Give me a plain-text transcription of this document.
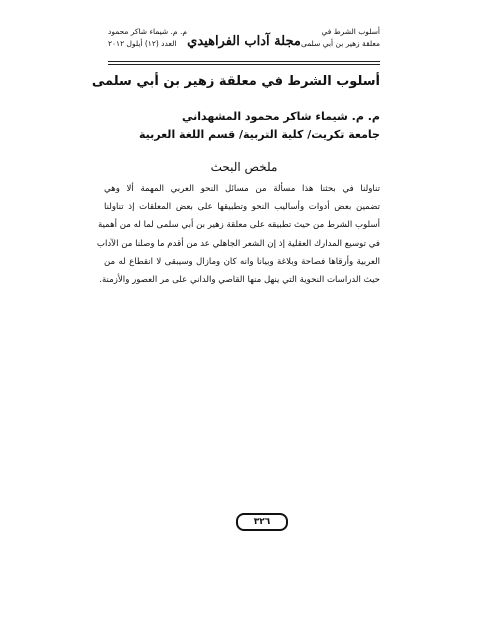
أسلوب الشرط في
معلقة زهير بن أبي سلمى
مجلة آداب الفراهيدي
م. م. شيماء شاكر محمود
العدد (١٢) أيلول ٢٠١٢
أسلوب الشرط في معلقة زهير بن أبي سلمى
م. م. شيماء شاكر محمود المشهداني
جامعة تكريت/ كلية التربية/ قسم اللغة العربية
ملخص البحث

تناولنا في بحثنا هذا مسألة من مسائل النحو العربي المهمة ألا وهي

تضمين بعض أدوات وأساليب النحو وتطبيقها على بعض المعلقات إذ تناولنا

أسلوب الشرط من حيث تطبيقه على معلقة زهير بن أبي سلمى لما له من أهمية

في توسيع المدارك العقلية إذ إن الشعر الجاهلي عد من أقدم ما وصلنا من الآداب

العربية وأرقاها فصاحة وبلاغة وبيانا وانه كان ومازال وسيبقى لا انقطاع له من

حيث الدراسات النحوية التي ينهل منها القاصي والداني على مر العصور والأزمنة.

٣٢٦
